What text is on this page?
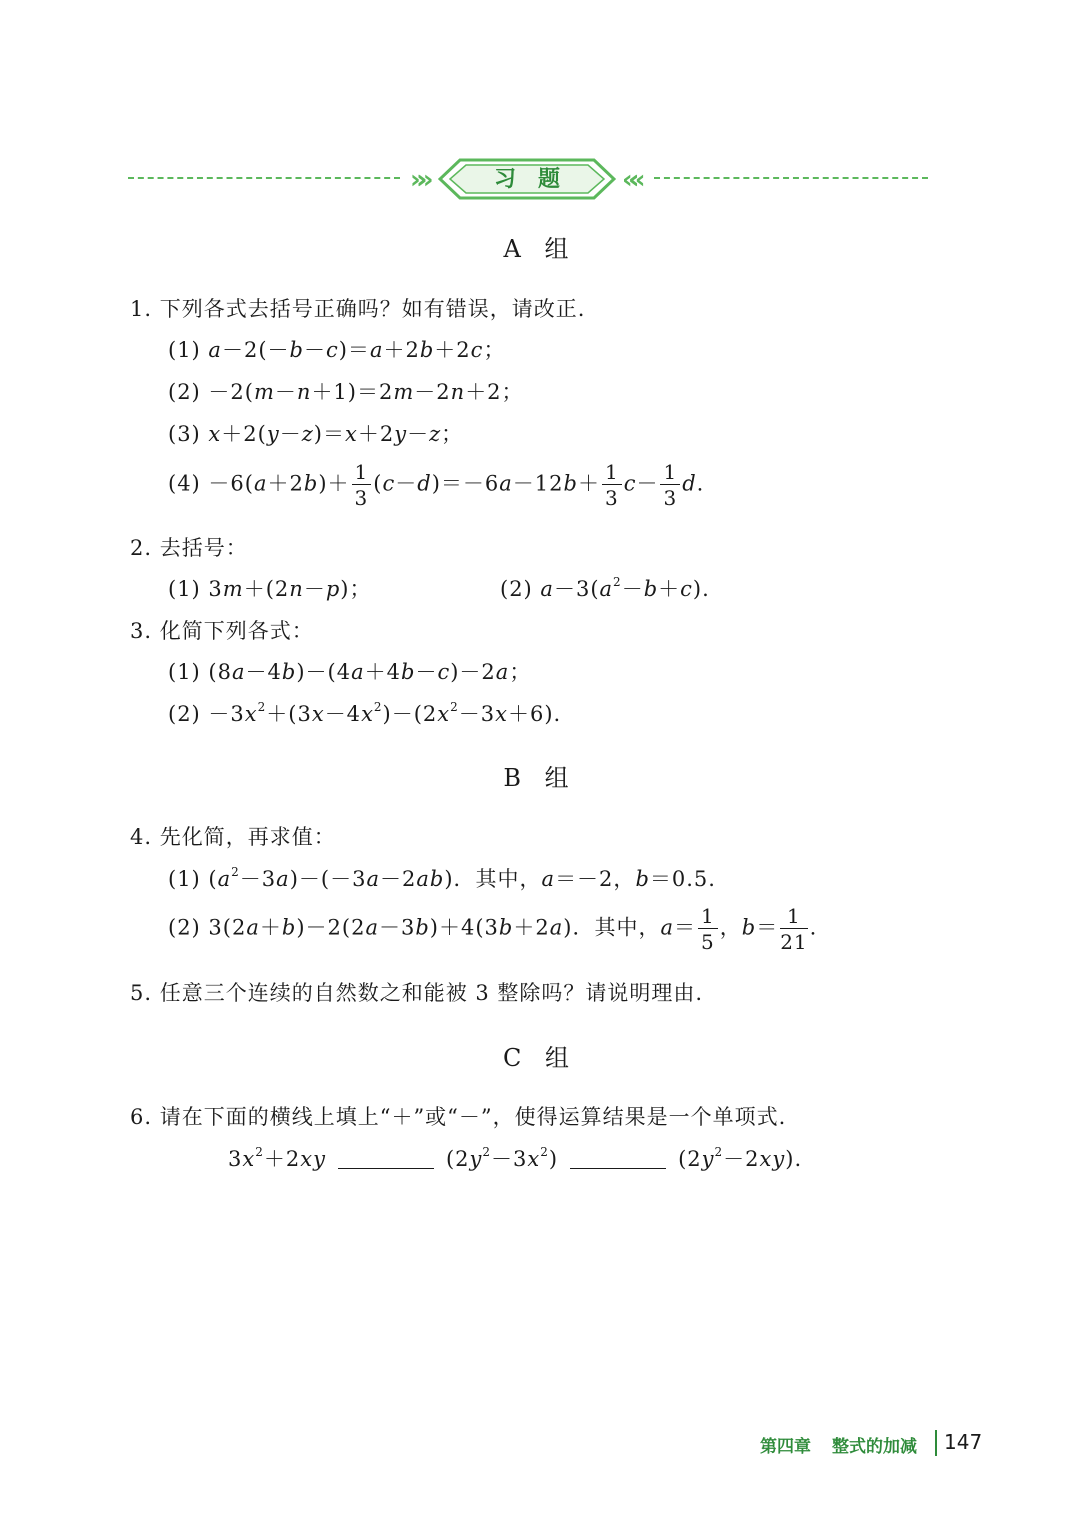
»»	习题	««
A 组
1. 下列各式去括号正确吗？如有错误，请改正.
(1) a－2(－b－c)＝a＋2b＋2c；
(2) －2(m－n＋1)＝2m－2n＋2；
(3) x＋2(y－z)＝x＋2y－z；
$(4) -6(a+2b)+ \frac{1}{3} (c-d)=-6a-12b+ \frac{1}{3} c- \frac{1}{3} d$.
2. 去括号：
(1) 3m＋(2n－p)；	(2) $a-3(a^2-b+c)$.
3. 化简下列各式：
(1) (8a－4b)－(4a＋4b－c)－2a；
$(2) -3x^2+(3x-4x^2)-(2x^2-3x+6)$.
B 组
4. 先化简，再求值：
(1) $(a^2-3a)-(-3a-2ab)$．其中，a＝－2，b＝0.5.
(2) 3(2a＋b)－2(2a－3b)＋4(3b＋2a)．其中，$a= \frac{1}{5}$ ，$b= \frac{1}{21}$ .
5. 任意三个连续的自然数之和能被 3 整除吗？请说明理由.
C 组
6. 请在下面的横线上填上“＋”或“－”，使得运算结果是一个单项式.
$3x^2+2xy$	$(2y^2-3x^2)$	$(2y^2-2xy)$.
第四章 整式的加减 147
